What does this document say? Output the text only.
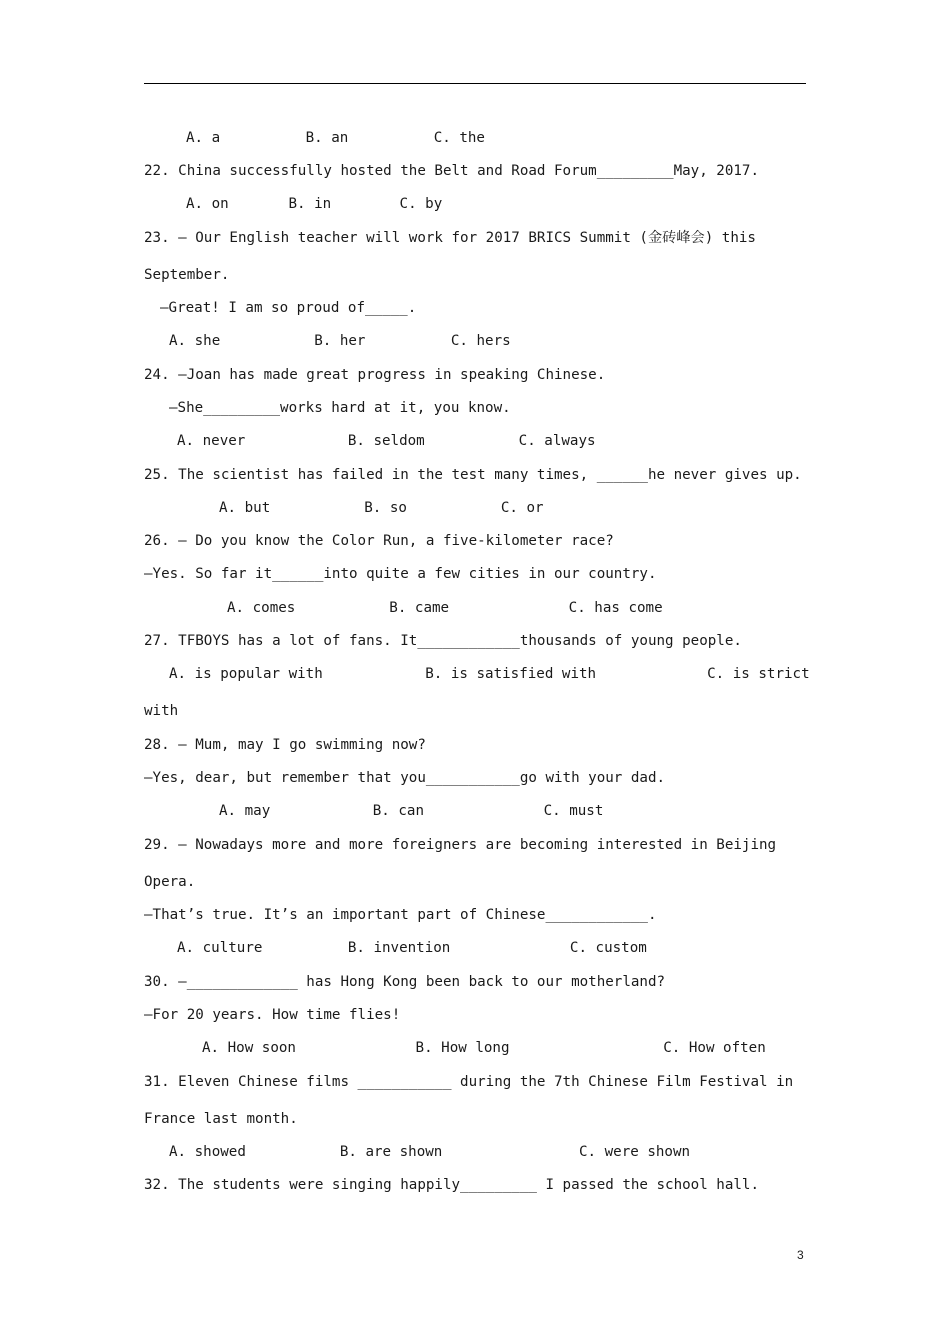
A. a          B. an          C. the
22. China successfully hosted the Belt and Road Forum_________May, 2017.
A. on       B. in        C. by
23. — Our English teacher will work for 2017 BRICS Summit (金砖峰会) this
September.
—Great! I am so proud of_____.
A. she           B. her          C. hers
24. —Joan has made great progress in speaking Chinese.
—She_________works hard at it, you know.
A. never            B. seldom           C. always
25. The scientist has failed in the test many times, ______he never gives up.
A. but           B. so           C. or
26. — Do you know the Color Run, a five-kilometer race?
—Yes. So far it______into quite a few cities in our country.
A. comes           B. came              C. has come
27. TFBOYS has a lot of fans. It____________thousands of young people.
A. is popular with            B. is satisfied with             C. is strict
with
28. — Mum, may I go swimming now?
—Yes, dear, but remember that you___________go with your dad.
A. may            B. can              C. must
29. — Nowadays more and more foreigners are becoming interested in Beijing
Opera.
—That’s true. It’s an important part of Chinese____________.
A. culture          B. invention              C. custom
30. —_____________ has Hong Kong been back to our motherland?
—For 20 years. How time flies!
A. How soon              B. How long                  C. How often
31. Eleven Chinese films ___________ during the 7th Chinese Film Festival in
France last month.
A. showed           B. are shown                C. were shown
32. The students were singing happily_________ I passed the school hall.
3
